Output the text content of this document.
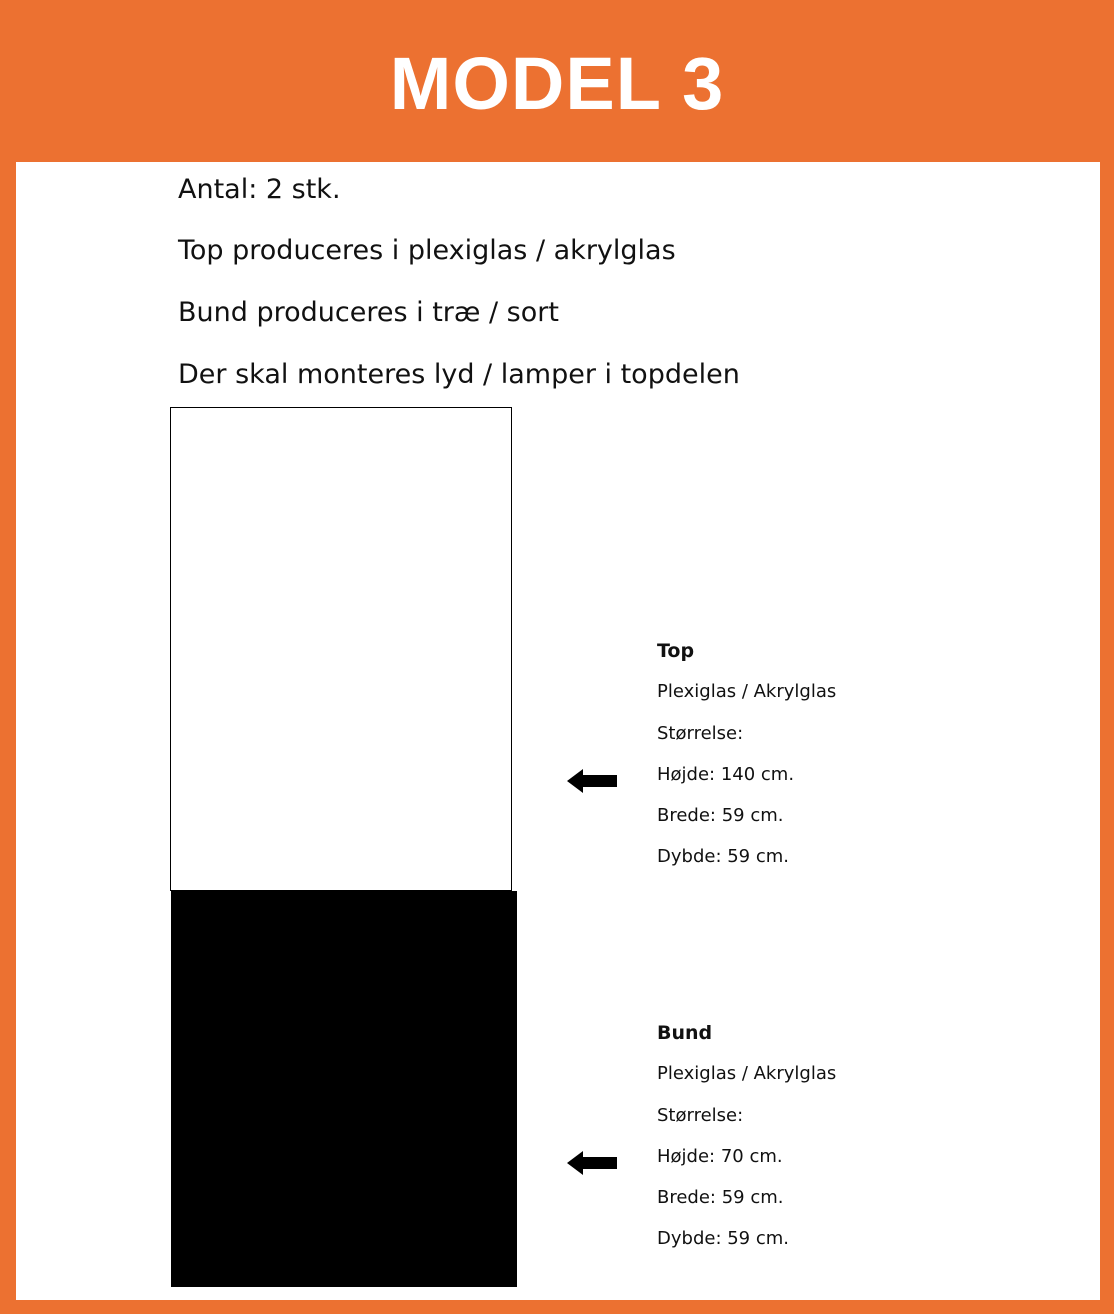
MODEL 3
Antal: 2 stk.
Top produceres i plexiglas / akrylglas
Bund produceres i træ / sort
Der skal monteres lyd / lamper i topdelen
Top
Plexiglas / Akrylglas
Størrelse:
Højde: 140 cm.
Brede: 59 cm.
Dybde: 59 cm.
Bund
Plexiglas / Akrylglas
Størrelse:
Højde: 70 cm.
Brede: 59 cm.
Dybde: 59 cm.
